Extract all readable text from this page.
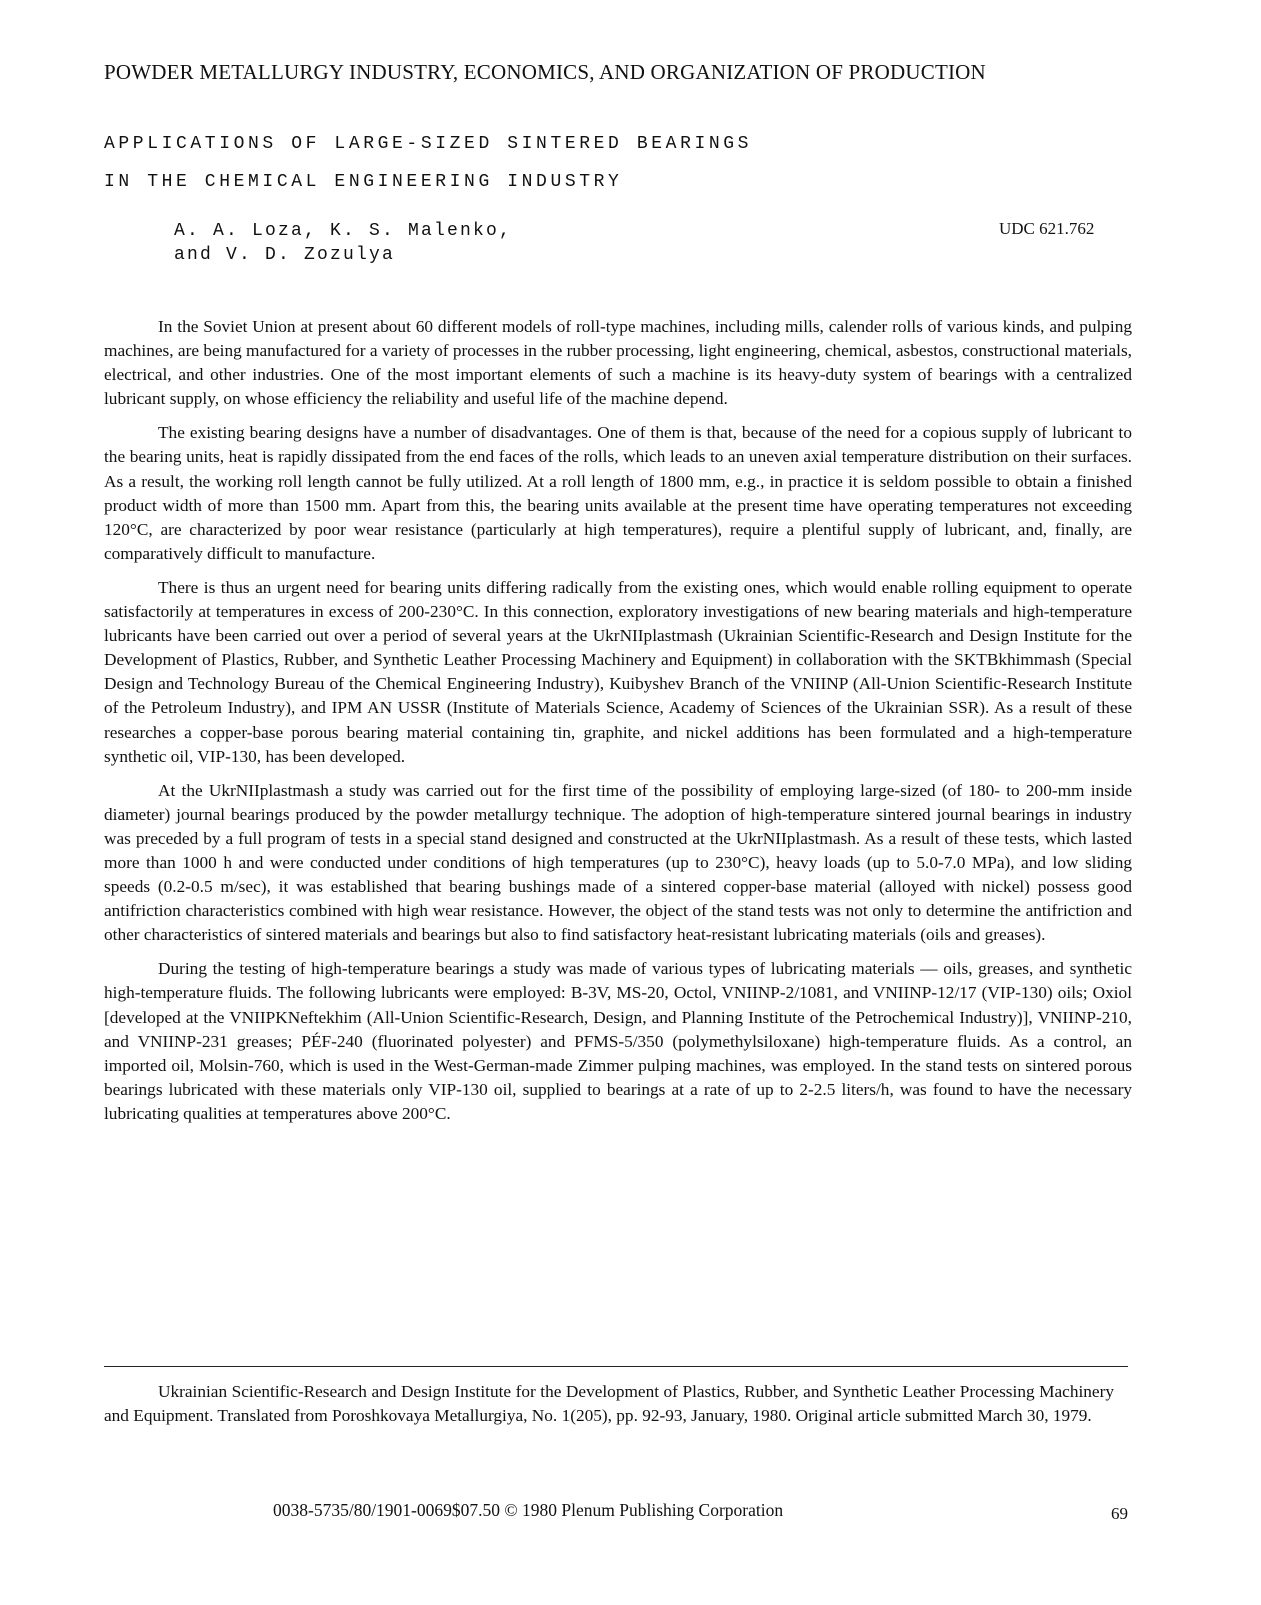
POWDER METALLURGY INDUSTRY, ECONOMICS, AND ORGANIZATION OF PRODUCTION
APPLICATIONS OF LARGE-SIZED SINTERED BEARINGS
IN THE CHEMICAL ENGINEERING INDUSTRY
A. A. Loza, K. S. Malenko,
and V. D. Zozulya
UDC 621.762

In the Soviet Union at present about 60 different models of roll-type machines, including mills, calender rolls of various kinds, and pulping machines, are being manufactured for a variety of processes in the rubber processing, light engineering, chemical, asbestos, constructional materials, electrical, and other industries. One of the most important elements of such a machine is its heavy-duty system of bearings with a centralized lubricant supply, on whose efficiency the reliability and useful life of the machine depend.

The existing bearing designs have a number of disadvantages. One of them is that, because of the need for a copious supply of lubricant to the bearing units, heat is rapidly dissipated from the end faces of the rolls, which leads to an uneven axial temperature distribution on their surfaces. As a result, the working roll length cannot be fully utilized. At a roll length of 1800 mm, e.g., in practice it is seldom possible to obtain a finished product width of more than 1500 mm. Apart from this, the bearing units available at the present time have operating temperatures not exceeding 120°C, are characterized by poor wear resistance (particularly at high temperatures), require a plentiful supply of lubricant, and, finally, are comparatively difficult to manufacture.

There is thus an urgent need for bearing units differing radically from the existing ones, which would enable rolling equipment to operate satisfactorily at temperatures in excess of 200-230°C. In this connection, exploratory investigations of new bearing materials and high-temperature lubricants have been carried out over a period of several years at the UkrNIIplastmash (Ukrainian Scientific-Research and Design Institute for the Development of Plastics, Rubber, and Synthetic Leather Processing Machinery and Equipment) in collaboration with the SKTBkhimmash (Special Design and Technology Bureau of the Chemical Engineering Industry), Kuibyshev Branch of the VNIINP (All-Union Scientific-Research Institute of the Petroleum Industry), and IPM AN USSR (Institute of Materials Science, Academy of Sciences of the Ukrainian SSR). As a result of these researches a copper-base porous bearing material containing tin, graphite, and nickel additions has been formulated and a high-temperature synthetic oil, VIP-130, has been developed.

At the UkrNIIplastmash a study was carried out for the first time of the possibility of employing large-sized (of 180- to 200-mm inside diameter) journal bearings produced by the powder metallurgy technique. The adoption of high-temperature sintered journal bearings in industry was preceded by a full program of tests in a special stand designed and constructed at the UkrNIIplastmash. As a result of these tests, which lasted more than 1000 h and were conducted under conditions of high temperatures (up to 230°C), heavy loads (up to 5.0-7.0 MPa), and low sliding speeds (0.2-0.5 m/sec), it was established that bearing bushings made of a sintered copper-base material (alloyed with nickel) possess good antifriction characteristics combined with high wear resistance. However, the object of the stand tests was not only to determine the antifriction and other characteristics of sintered materials and bearings but also to find satisfactory heat-resistant lubricating materials (oils and greases).

During the testing of high-temperature bearings a study was made of various types of lubricating materials — oils, greases, and synthetic high-temperature fluids. The following lubricants were employed: B-3V, MS-20, Octol, VNIINP-2/1081, and VNIINP-12/17 (VIP-130) oils; Oxiol [developed at the VNIIPKNeftekhim (All-Union Scientific-Research, Design, and Planning Institute of the Petrochemical Industry)], VNIINP-210, and VNIINP-231 greases; PÉF-240 (fluorinated polyester) and PFMS-5/350 (polymethylsiloxane) high-temperature fluids. As a control, an imported oil, Molsin-760, which is used in the West-German-made Zimmer pulping machines, was employed. In the stand tests on sintered porous bearings lubricated with these materials only VIP-130 oil, supplied to bearings at a rate of up to 2-2.5 liters/h, was found to have the necessary lubricating qualities at temperatures above 200°C.

Ukrainian Scientific-Research and Design Institute for the Development of Plastics, Rubber, and Synthetic Leather Processing Machinery and Equipment. Translated from Poroshkovaya Metallurgiya, No. 1(205), pp. 92-93, January, 1980. Original article submitted March 30, 1979.

0038-5735/80/1901-0069$07.50 © 1980 Plenum Publishing Corporation	69
